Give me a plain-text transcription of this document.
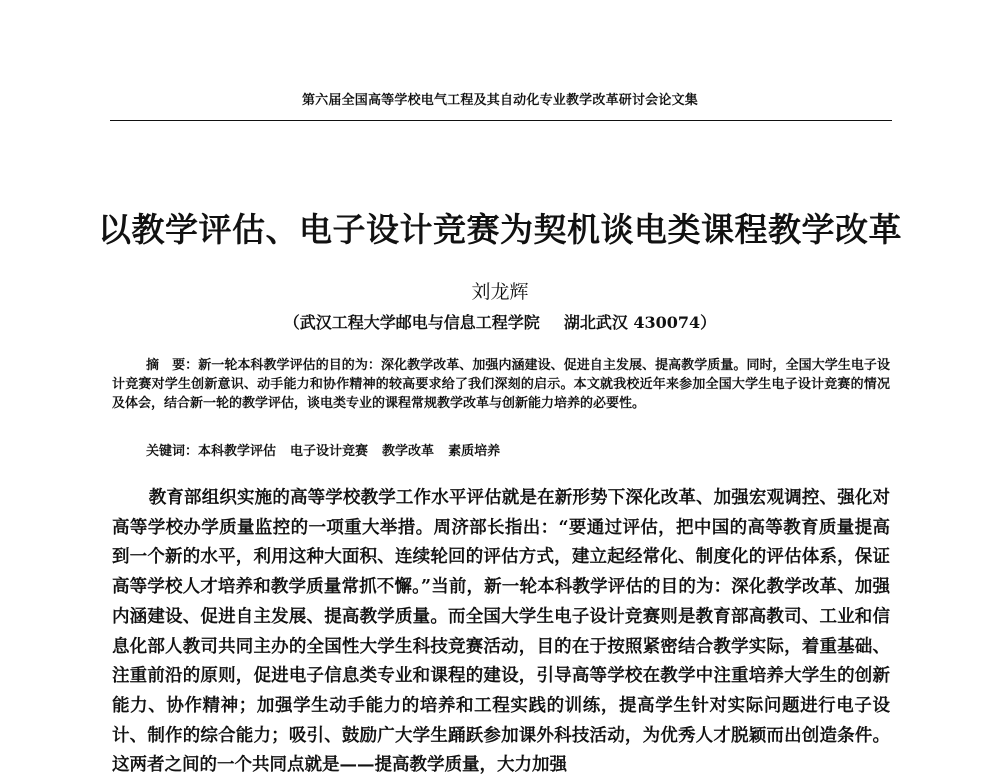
第六届全国高等学校电气工程及其自动化专业教学改革研讨会论文集
以教学评估、电子设计竞赛为契机谈电类课程教学改革
刘龙辉
（武汉工程大学邮电与信息工程学院 湖北武汉 430074）
摘　要：新一轮本科教学评估的目的为：深化教学改革、加强内涵建设、促进自主发展、提高教学质量。同时，全国大学生电子设计竞赛对学生创新意识、动手能力和协作精神的较高要求给了我们深刻的启示。本文就我校近年来参加全国大学生电子设计竞赛的情况及体会，结合新一轮的教学评估，谈电类专业的课程常规教学改革与创新能力培养的必要性。
关键词：本科教学评估 电子设计竞赛 教学改革 素质培养
教育部组织实施的高等学校教学工作水平评估就是在新形势下深化改革、加强宏观调控、强化对高等学校办学质量监控的一项重大举措。周济部长指出：“要通过评估，把中国的高等教育质量提高到一个新的水平，利用这种大面积、连续轮回的评估方式，建立起经常化、制度化的评估体系，保证高等学校人才培养和教学质量常抓不懈。”当前，新一轮本科教学评估的目的为：深化教学改革、加强内涵建设、促进自主发展、提高教学质量。而全国大学生电子设计竞赛则是教育部高教司、工业和信息化部人教司共同主办的全国性大学生科技竞赛活动，目的在于按照紧密结合教学实际，着重基础、注重前沿的原则，促进电子信息类专业和课程的建设，引导高等学校在教学中注重培养大学生的创新能力、协作精神；加强学生动手能力的培养和工程实践的训练，提高学生针对实际问题进行电子设计、制作的综合能力；吸引、鼓励广大学生踊跃参加课外科技活动，为优秀人才脱颖而出创造条件。这两者之间的一个共同点就是——提高教学质量，大力加强
